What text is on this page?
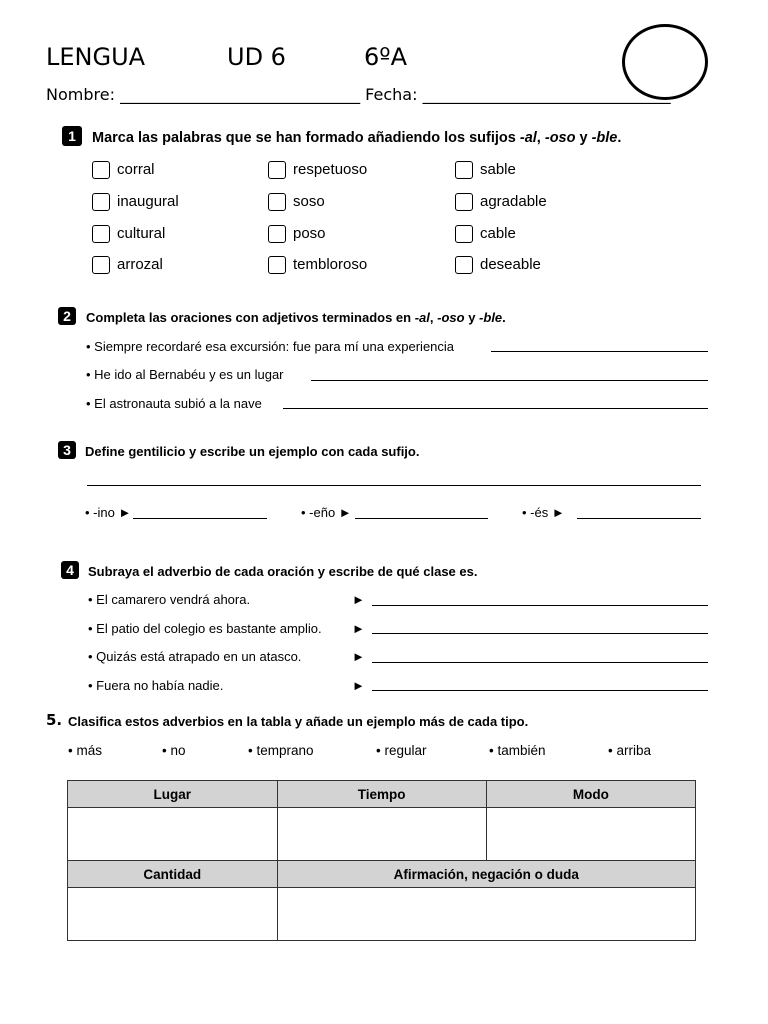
LENGUA	UD 6	6ºA
Nombre: ______________________________ Fecha: _______________________________
1	Marca las palabras que se han formado añadiendo los sufijos -al, -oso y -ble.
corral	respetuoso	sable
inaugural	soso	agradable
cultural	poso	cable
arrozal	tembloroso	deseable
2	Completa las oraciones con adjetivos terminados en -al, -oso y -ble.
• Siempre recordaré esa excursión: fue para mí una experiencia
• He ido al Bernabéu y es un lugar
• El astronauta subió a la nave
3	Define gentilicio y escribe un ejemplo con cada sufijo.
• -ino ►	• -eño ►	• -és ►
4	Subraya el adverbio de cada oración y escribe de qué clase es.
• El camarero vendrá ahora.	►
• El patio del colegio es bastante amplio. ►
• Quizás está atrapado en un atasco.	►
• Fuera no había nadie.	►
5. Clasifica estos adverbios en la tabla y añade un ejemplo más de cada tipo.
• más	• no	• temprano	• regular	• también	• arriba
Lugar	Tiempo	Modo

Cantidad	Afirmación, negación o duda	
